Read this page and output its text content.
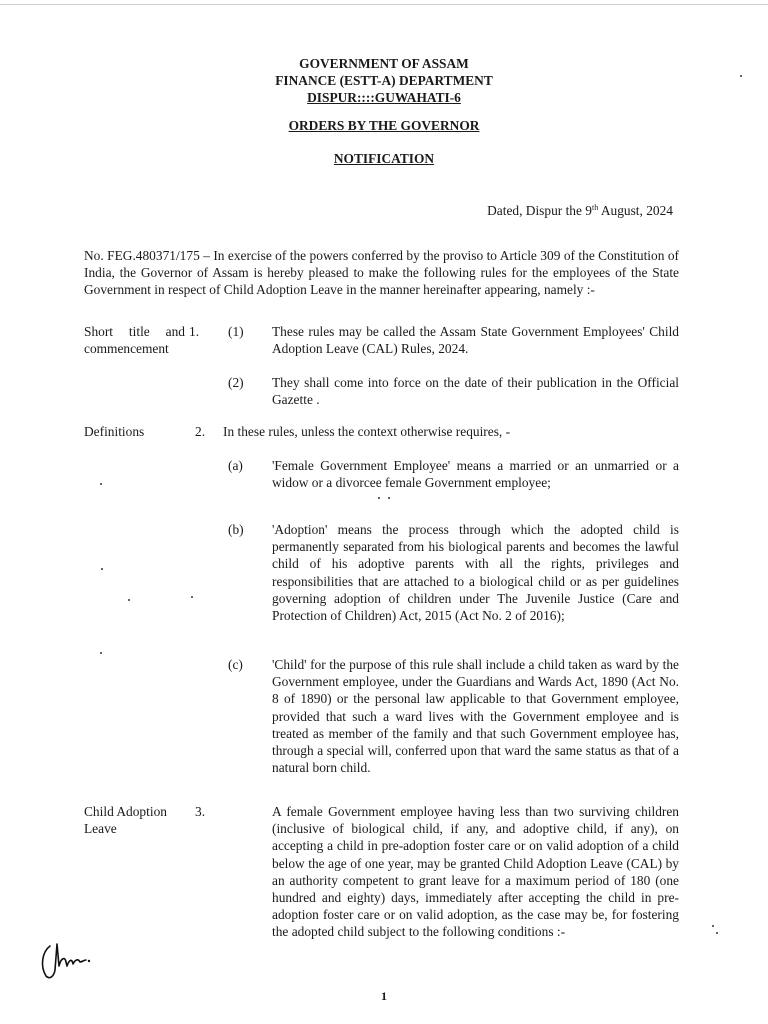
GOVERNMENT OF ASSAM
FINANCE (ESTT-A) DEPARTMENT
DISPUR::::GUWAHATI-6
ORDERS BY THE GOVERNOR
NOTIFICATION
Dated, Dispur the 9th August, 2024
No. FEG.480371/175 – In exercise of the powers conferred by the proviso to Article 309 of the Constitution of India, the Governor of Assam is hereby pleased to make the following rules for the employees of the State Government in respect of Child Adoption Leave in the manner hereinafter appearing, namely :-
Short title and commencement
1. (1) These rules may be called the Assam State Government Employees' Child Adoption Leave (CAL) Rules, 2024.
(2) They shall come into force on the date of their publication in the Official Gazette .
Definitions	2. In these rules, unless the context otherwise requires, -
(a) 'Female Government Employee' means a married or an unmarried or a widow or a divorcee female Government employee;
(b) 'Adoption' means the process through which the adopted child is permanently separated from his biological parents and becomes the lawful child of his adoptive parents with all the rights, privileges and responsibilities that are attached to a biological child or as per guidelines governing adoption of children under The Juvenile Justice (Care and Protection of Children) Act, 2015 (Act No. 2 of 2016);
(c) 'Child' for the purpose of this rule shall include a child taken as ward by the Government employee, under the Guardians and Wards Act, 1890 (Act No. 8 of 1890) or the personal law applicable to that Government employee, provided that such a ward lives with the Government employee and is treated as member of the family and that such Government employee has, through a special will, conferred upon that ward the same status as that of a natural born child.
Child Adoption Leave
3.	A female Government employee having less than two surviving children (inclusive of biological child, if any, and adoptive child, if any), on accepting a child in pre-adoption foster care or on valid adoption of a child below the age of one year, may be granted Child Adoption Leave (CAL) by an authority competent to grant leave for a maximum period of 180 (one hundred and eighty) days, immediately after accepting the child in pre-adoption foster care or on valid adoption, as the case may be, for fostering the adopted child subject to the following conditions :-
1
